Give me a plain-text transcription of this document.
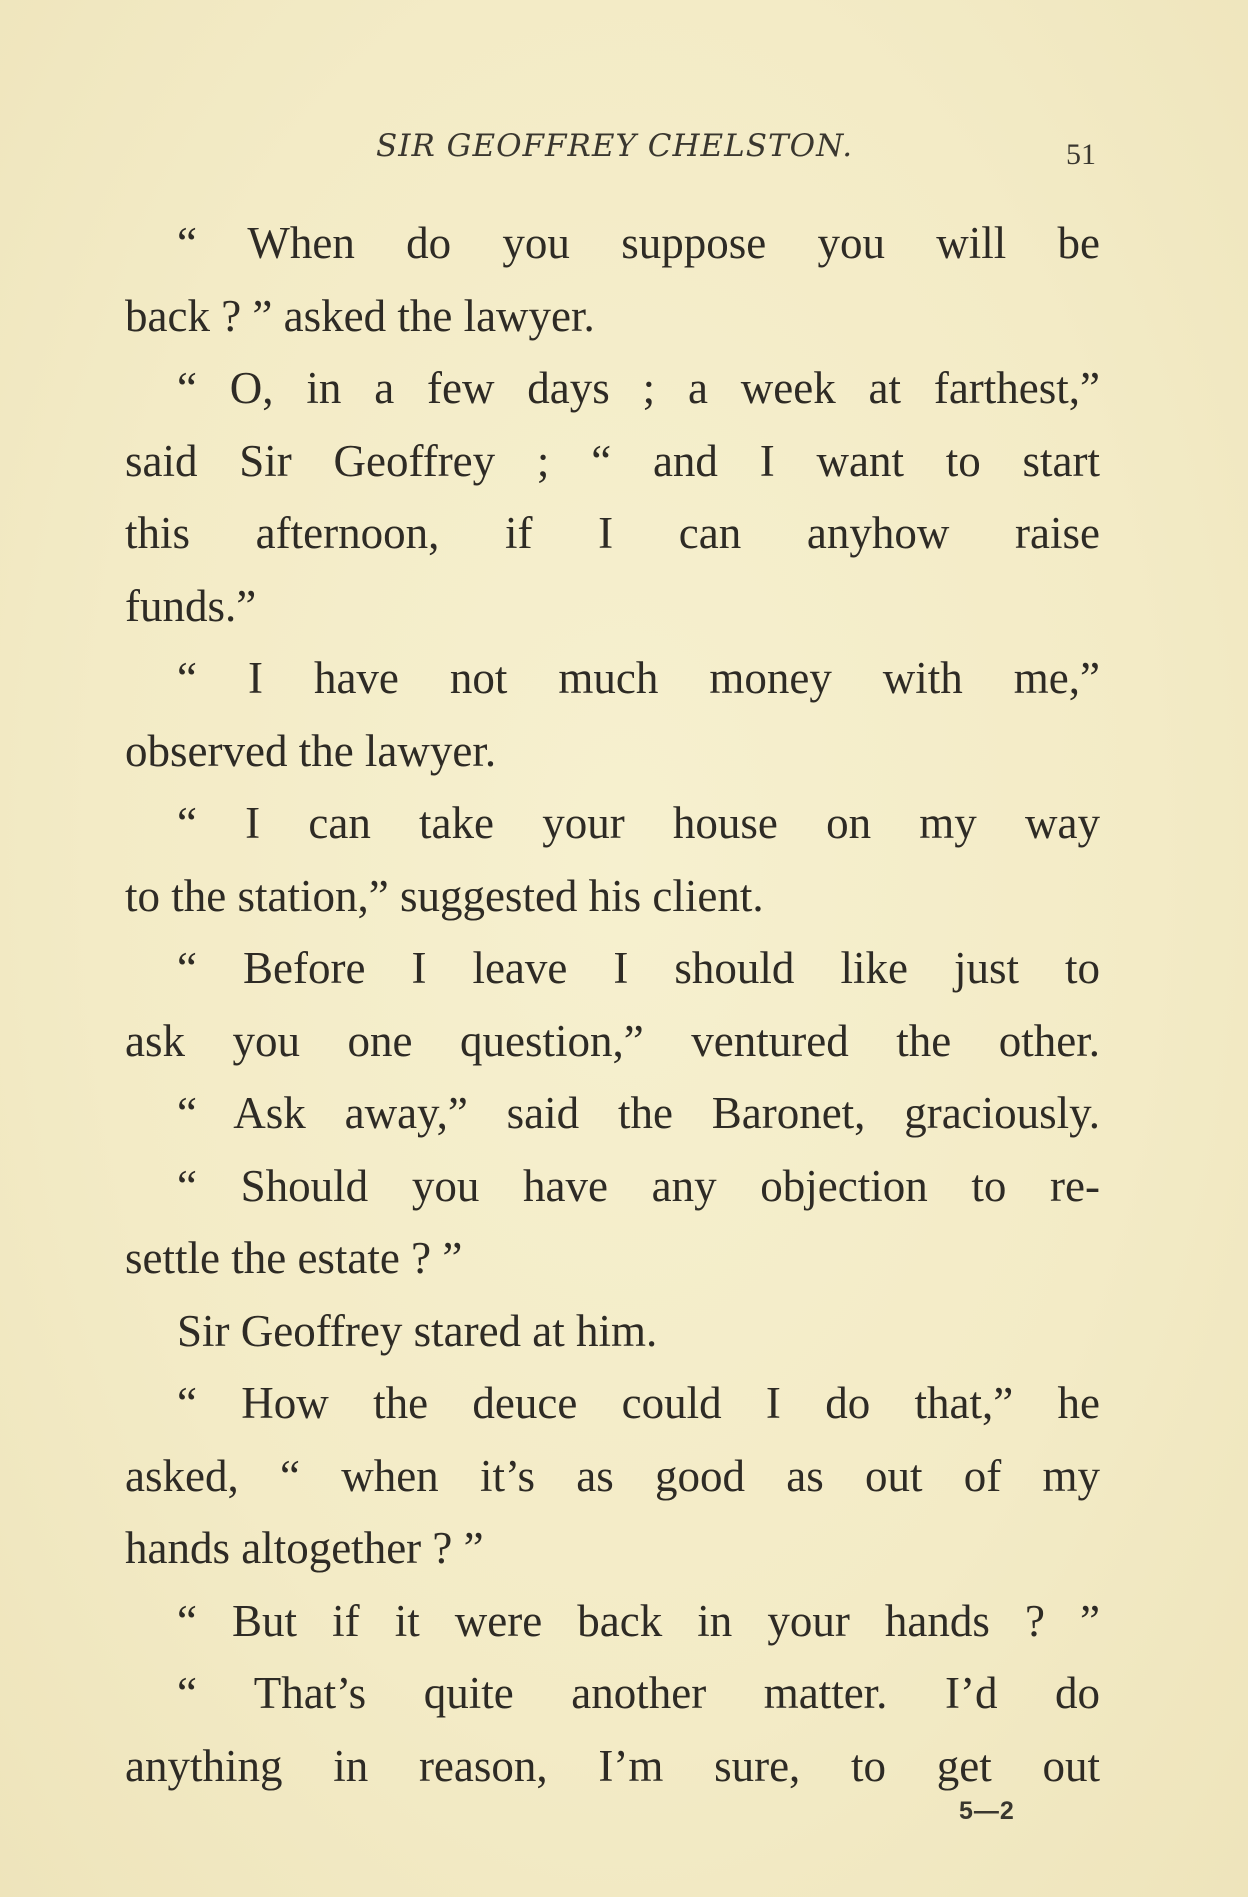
SIR GEOFFREY CHELSTON.	51
“ When do you suppose you will be
back ? ” asked the lawyer.
“ O, in a few days ; a week at farthest,”
said Sir Geoffrey ; “ and I want to start
this afternoon, if I can anyhow raise
funds.”
“ I have not much money with me,”
observed the lawyer.
“ I can take your house on my way
to the station,” suggested his client.
“ Before I leave I should like just to
ask you one question,” ventured the other.
“ Ask away,” said the Baronet, graciously.
“ Should you have any objection to re-
settle the estate ? ”
Sir Geoffrey stared at him.
“ How the deuce could I do that,” he
asked, “ when it’s as good as out of my
hands altogether ? ”
“ But if it were back in your hands ? ”
“ That’s quite another matter. I’d do
anything in reason, I’m sure, to get out
5—2
